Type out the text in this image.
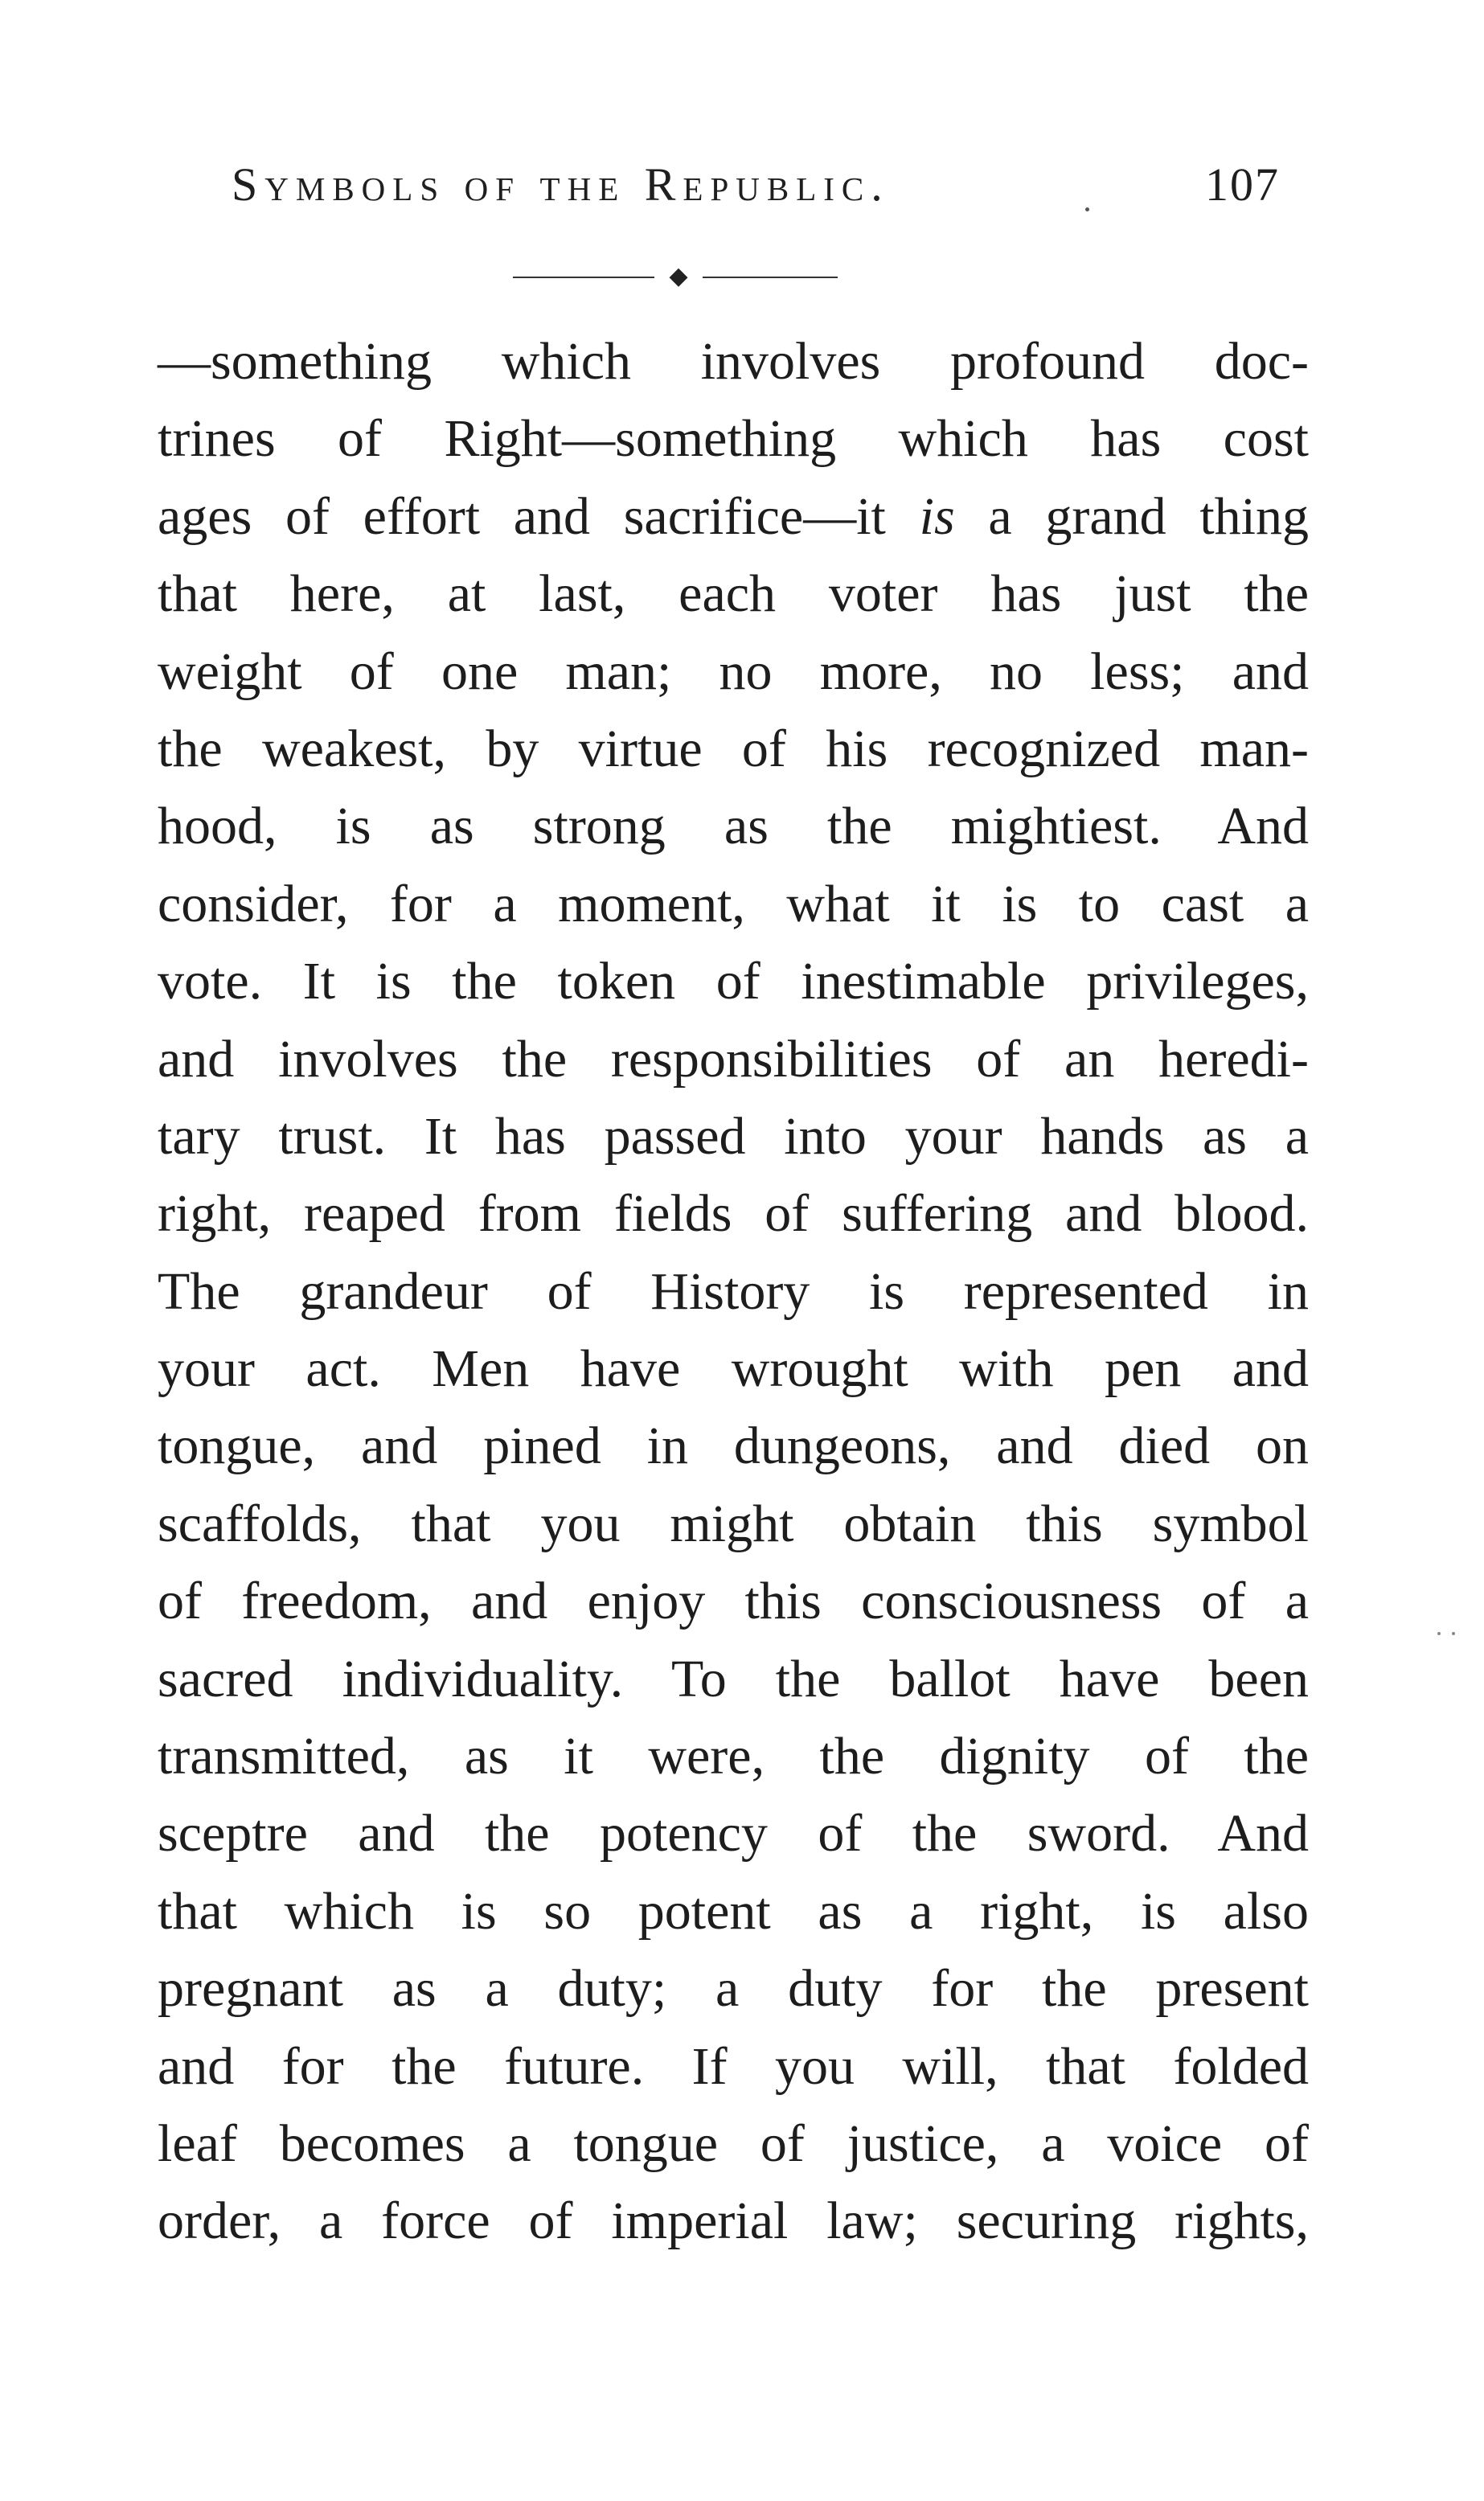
Symbols of the Republic.	107
◆
—something which involves profound doc-
trines of Right—something which has cost
ages of effort and sacrifice—it is a grand thing
that here, at last, each voter has just the
weight of one man; no more, no less; and
the weakest, by virtue of his recognized man-
hood, is as strong as the mightiest. And
consider, for a moment, what it is to cast a
vote. It is the token of inestimable privileges,
and involves the responsibilities of an heredi-
tary trust. It has passed into your hands as a
right, reaped from fields of suffering and blood.
The grandeur of History is represented in
your act. Men have wrought with pen and
tongue, and pined in dungeons, and died on
scaffolds, that you might obtain this symbol
of freedom, and enjoy this consciousness of a
sacred individuality. To the ballot have been
transmitted, as it were, the dignity of the
sceptre and the potency of the sword. And
that which is so potent as a right, is also
pregnant as a duty; a duty for the present
and for the future. If you will, that folded
leaf becomes a tongue of justice, a voice of
order, a force of imperial law; securing rights,
